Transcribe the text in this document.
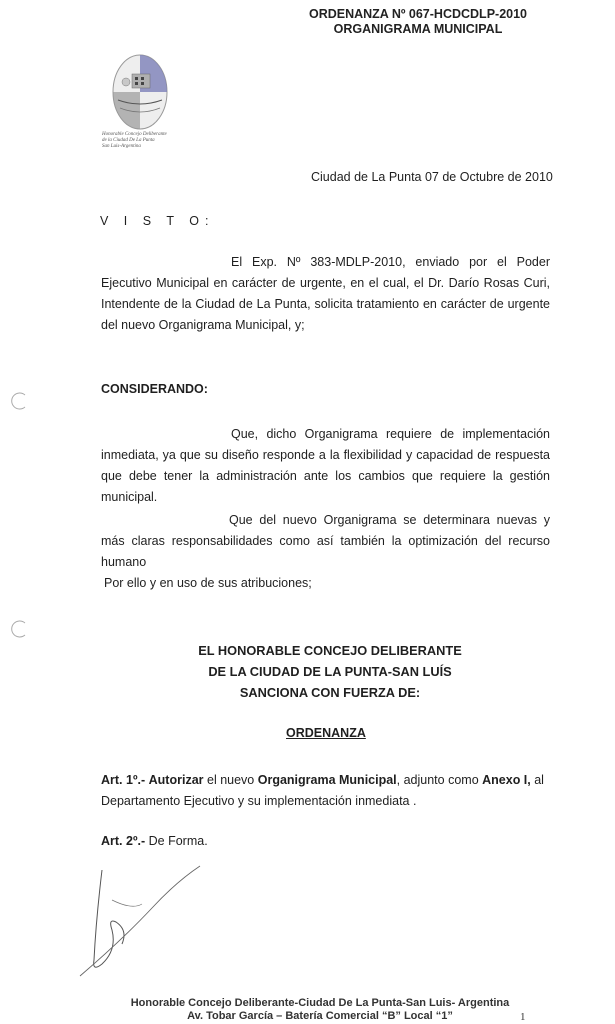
ORDENANZA Nº 067-HCDCDLP-2010
ORGANIGRAMA MUNICIPAL
Honorable Concejo Deliberante
de la Ciudad De La Punta
San Luis-Argentina
Ciudad de La Punta 07 de Octubre de 2010
V I S T O:
El Exp. Nº 383-MDLP-2010, enviado por el Poder Ejecutivo Municipal en carácter de urgente, en el cual, el Dr. Darío Rosas Curi, Intendente de la Ciudad de La Punta, solicita tratamiento en carácter de urgente del nuevo Organigrama Municipal, y;
CONSIDERANDO:
Que, dicho Organigrama requiere de implementación inmediata, ya que su diseño responde a la flexibilidad y capacidad de respuesta que debe tener la administración ante los cambios que requiere la gestión municipal.
Que del nuevo Organigrama se determinara nuevas y más claras responsabilidades como así también la optimización del recurso humano
Por ello y en uso de sus atribuciones;
EL HONORABLE CONCEJO DELIBERANTE
DE LA CIUDAD DE LA PUNTA-SAN LUÍS
SANCIONA CON FUERZA DE:
ORDENANZA
Art. 1º.- Autorizar el nuevo Organigrama Municipal, adjunto como Anexo I, al Departamento Ejecutivo y su implementación inmediata .
Art. 2º.- De Forma.
Honorable Concejo Deliberante-Ciudad De La Punta-San Luis- Argentina
Av. Tobar García – Batería Comercial “B” Local “1”	1
